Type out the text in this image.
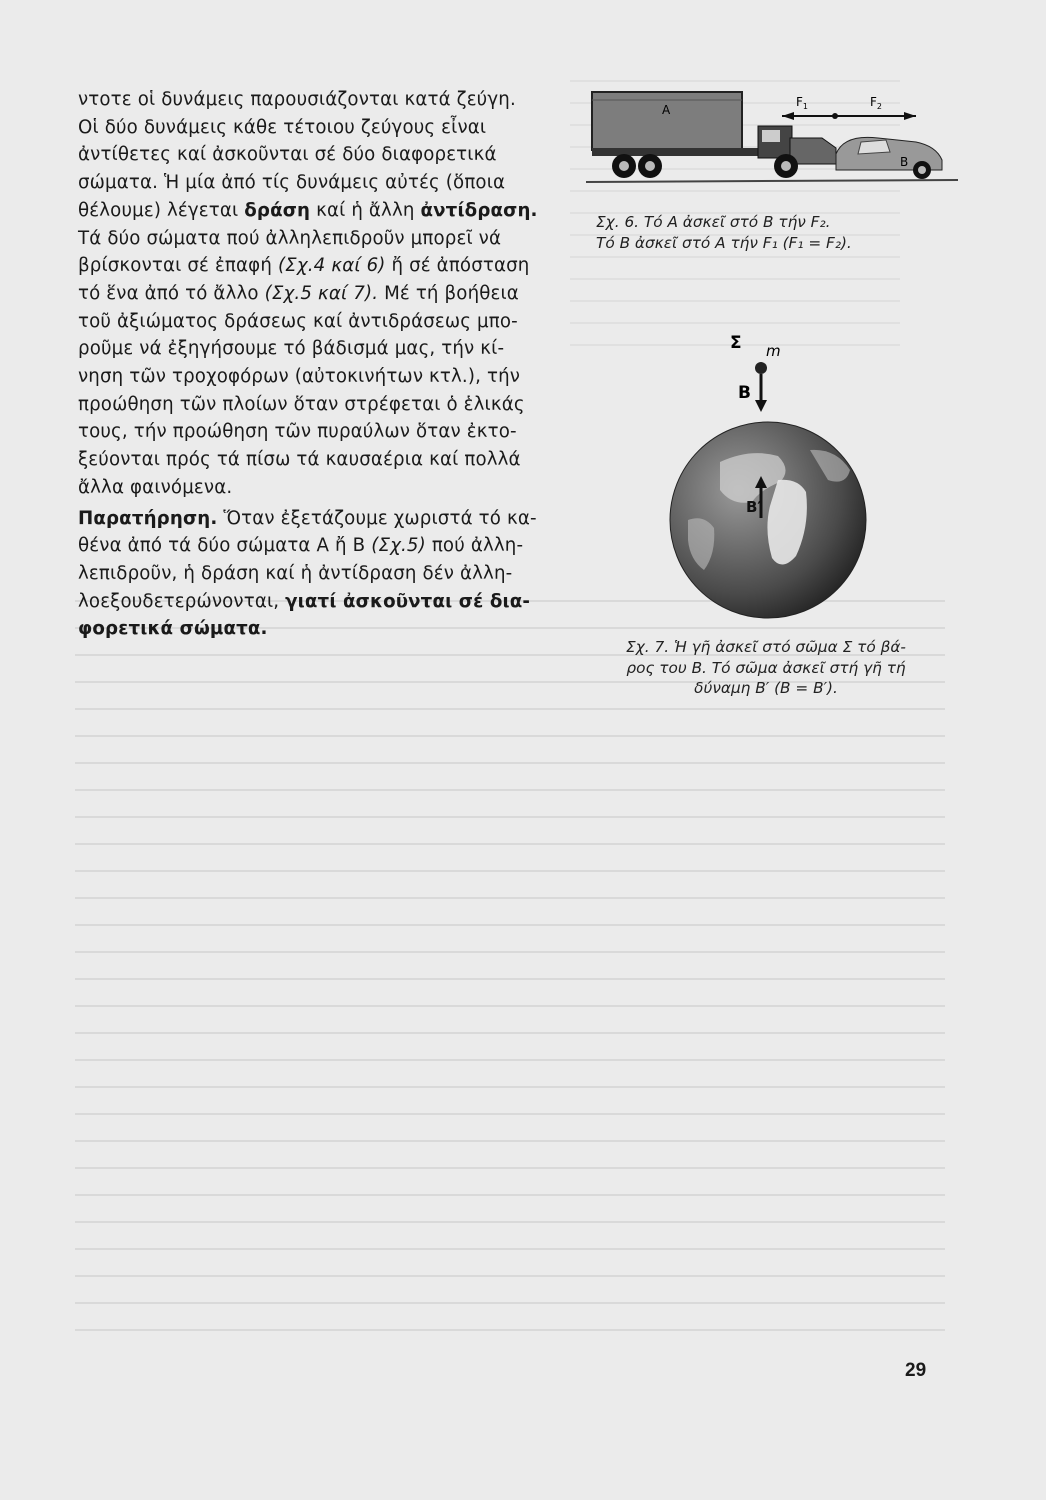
ντοτε οἱ δυνάμεις παρουσιάζονται κατά ζεύγη.

Οἱ δύο δυνάμεις κάθε τέτοιου ζεύγους εἶναι

ἀντίθετες καί ἀσκοῦνται σέ δύο διαφορετικά

σώματα. Ἡ μία ἀπό τίς δυνάμεις αὐτές (ὅποια

θέλουμε) λέγεται δράση καί ἡ ἄλλη ἀντίδραση.

Τά δύο σώματα πού ἀλληλεπιδροῦν μπορεῖ νά

βρίσκονται σέ ἐπαφή (Σχ.4 καί 6) ἤ σέ ἀπόσταση

τό ἕνα ἀπό τό ἄλλο (Σχ.5 καί 7). Μέ τή βοήθεια

τοῦ ἀξιώματος δράσεως καί ἀντιδράσεως μπο-

ροῦμε νά ἐξηγήσουμε τό βάδισμά μας, τήν κί-

νηση τῶν τροχοφόρων (αὐτοκινήτων κτλ.), τήν

προώθηση τῶν πλοίων ὅταν στρέφεται ὁ ἑλικάς

τους, τήν προώθηση τῶν πυραύλων ὅταν ἐκτο-

ξεύονται πρός τά πίσω τά καυσαέρια καί πολλά

ἄλλα φαινόμενα.

Παρατήρηση. Ὅταν ἐξετάζουμε χωριστά τό κα-

θένα ἀπό τά δύο σώματα Α ἤ Β (Σχ.5) πού ἀλλη-

λεπιδροῦν, ἡ δράση καί ἡ ἀντίδραση δέν ἀλλη-

λοεξουδετερώνονται, γιατί ἀσκοῦνται σέ δια-

φορετικά σώματα.

A
B
$F_1$	$F_2$
Σχ. 6. Τό Α ἀσκεῖ στό Β τήν F₂.
Τό Β ἀσκεῖ στό Α τήν F₁ (F₁ = F₂).
Σ m
B
B′
Σχ. 7. Ἡ γῆ ἀσκεῖ στό σῶμα Σ τό βά-
ρος του Β. Τό σῶμα ἀσκεῖ στή γῆ τή
δύναμη Β′ (Β = Β′).
29
